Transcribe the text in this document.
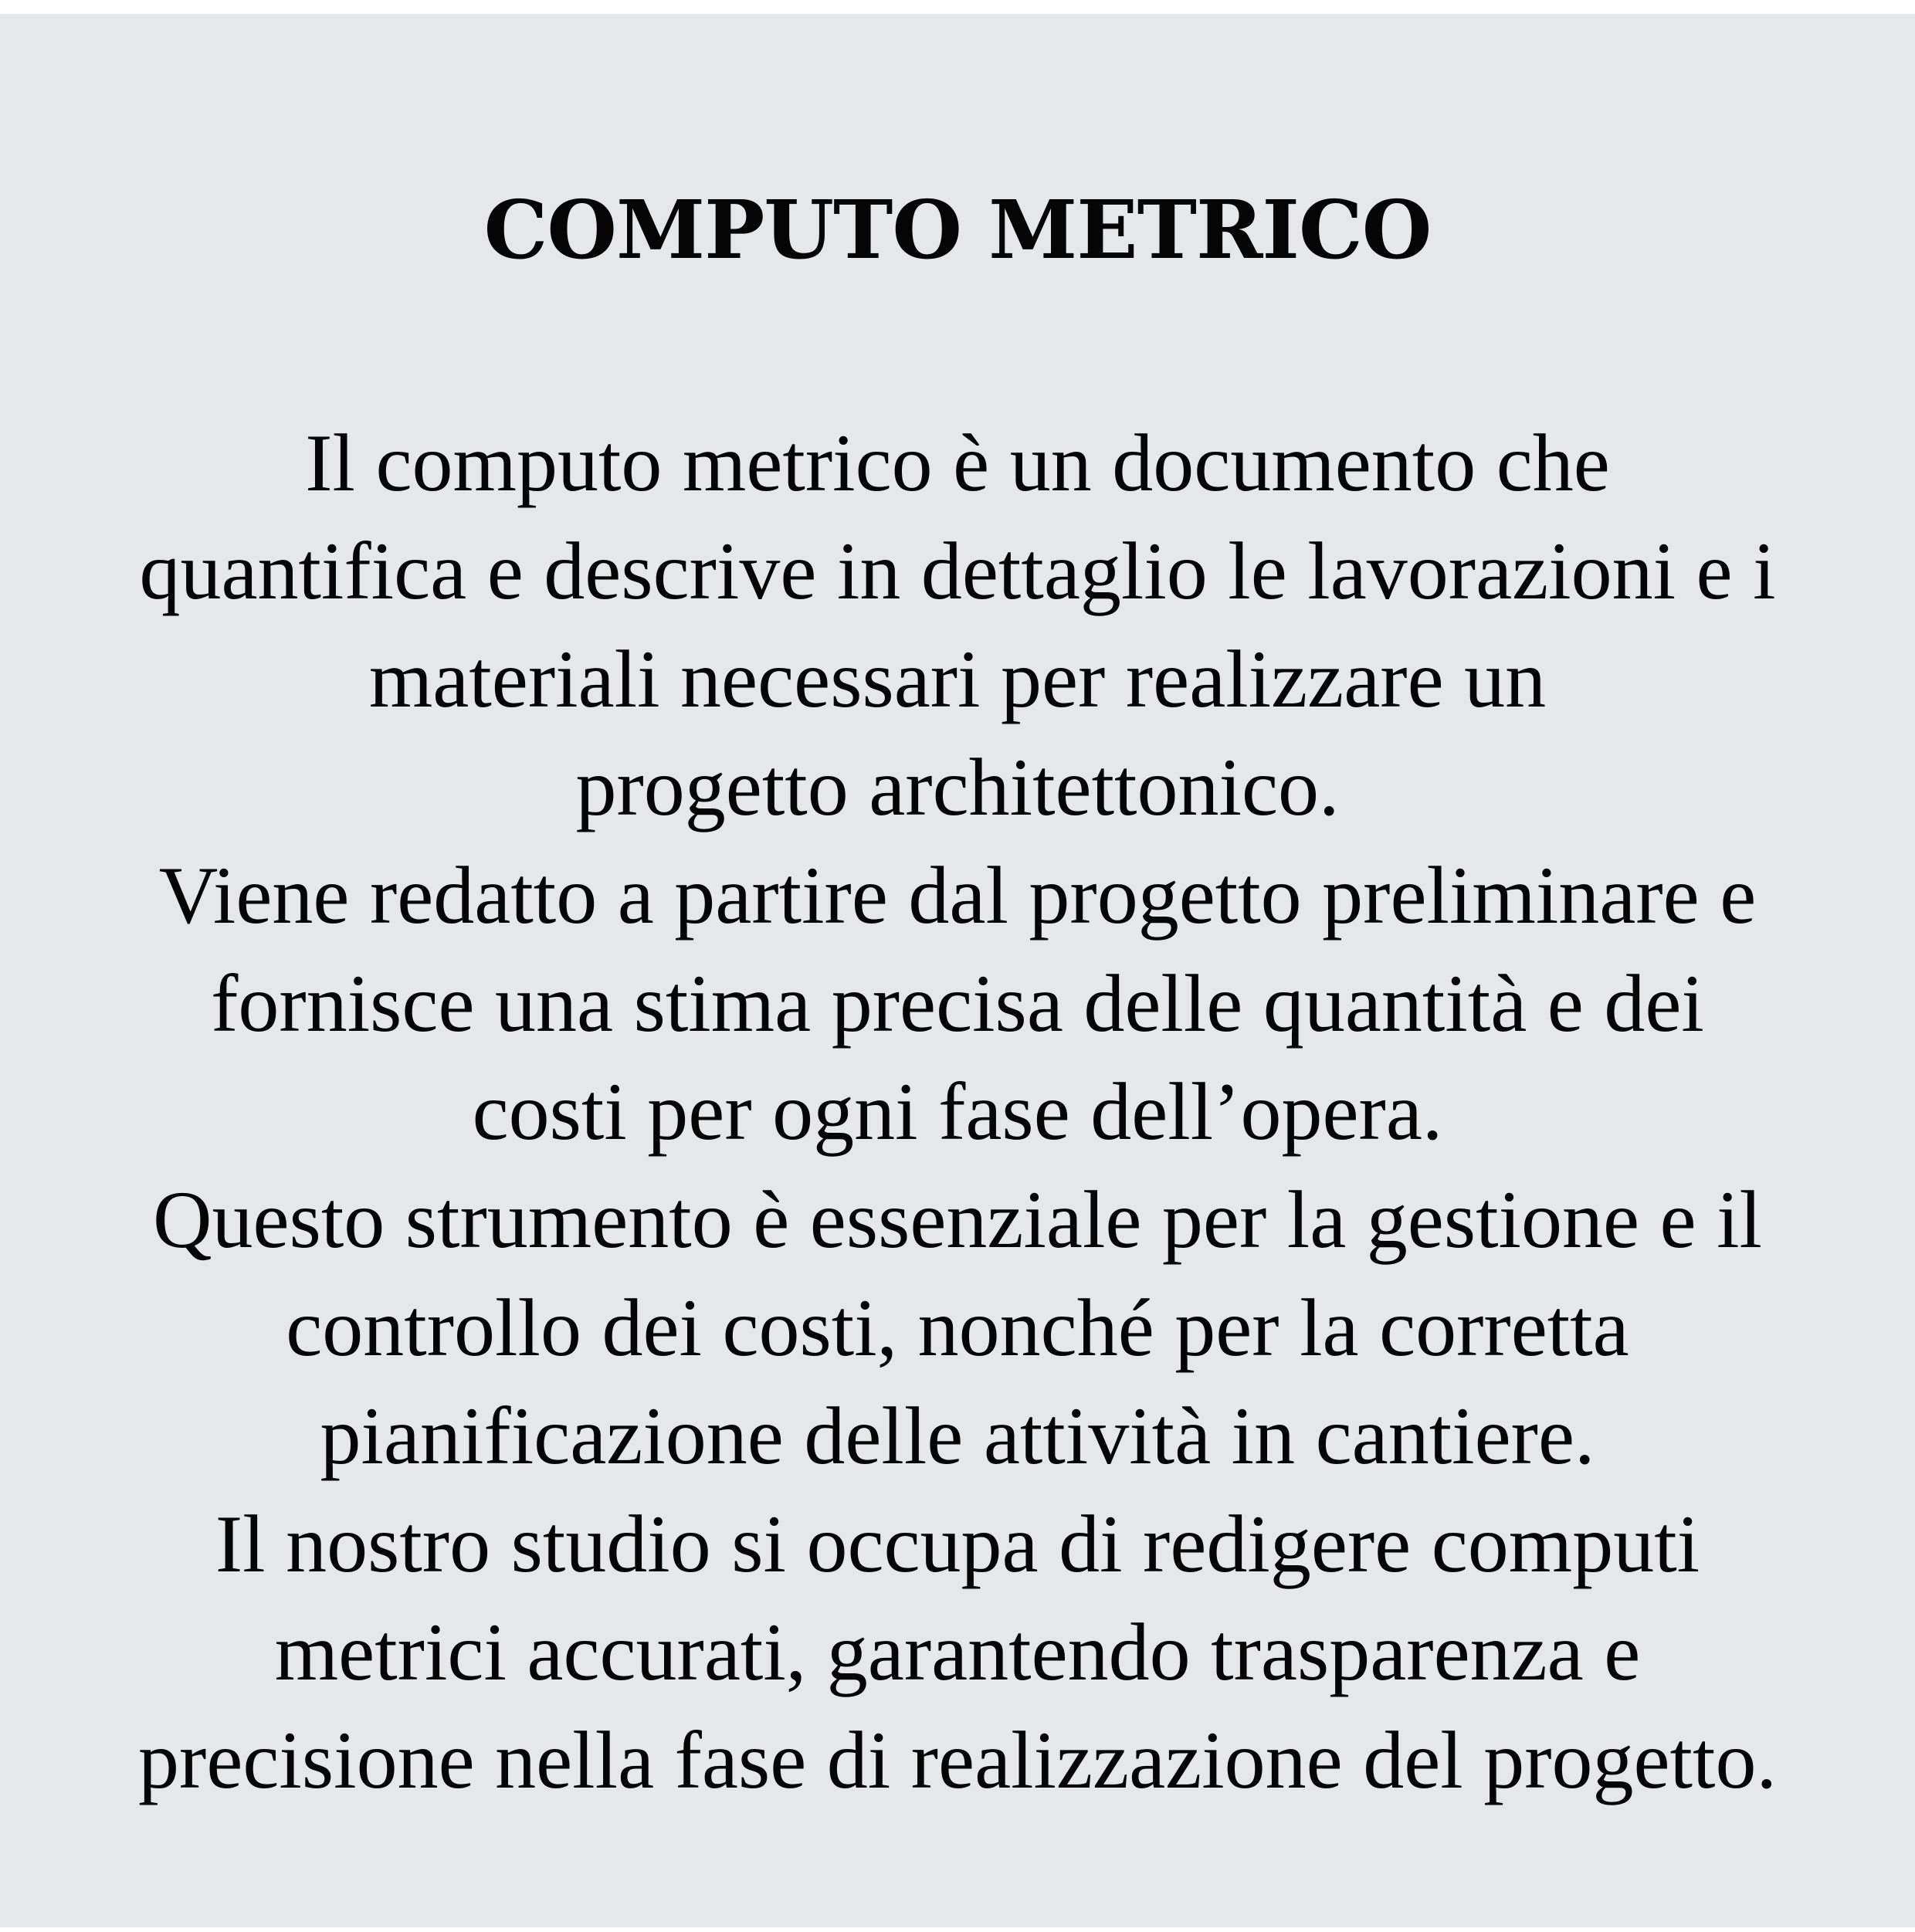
COMPUTO METRICO
Il computo metrico è un documento che
quantifica e descrive in dettaglio le lavorazioni e i
materiali necessari per realizzare un
progetto architettonico.
Viene redatto a partire dal progetto preliminare e
fornisce una stima precisa delle quantità e dei
costi per ogni fase dell’opera.
Questo strumento è essenziale per la gestione e il
controllo dei costi, nonché per la corretta
pianificazione delle attività in cantiere.
Il nostro studio si occupa di redigere computi
metrici accurati, garantendo trasparenza e
precisione nella fase di realizzazione del progetto.
